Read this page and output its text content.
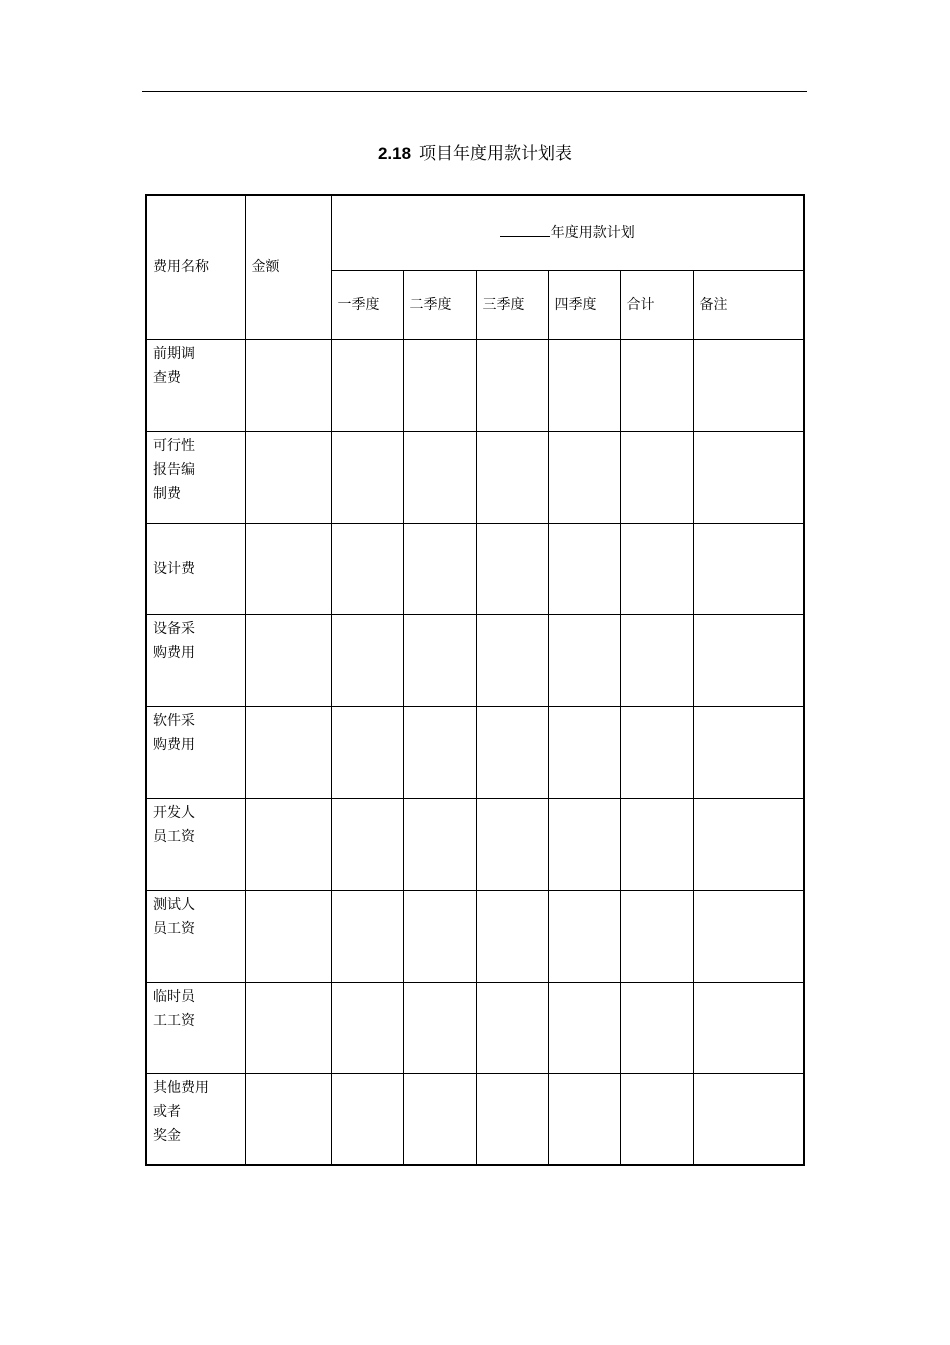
2.18 项目年度用款计划表
费用名称	金额	年度用款计划					
		一季度	二季度	三季度	四季度	合计	备注

前期调
查费							

可行性
报告编
制费							

设计费							

设备采
购费用							

软件采
购费用							

开发人
员工资							

测试人
员工资							

临时员
工工资							

其他费用
或者
奖金							
